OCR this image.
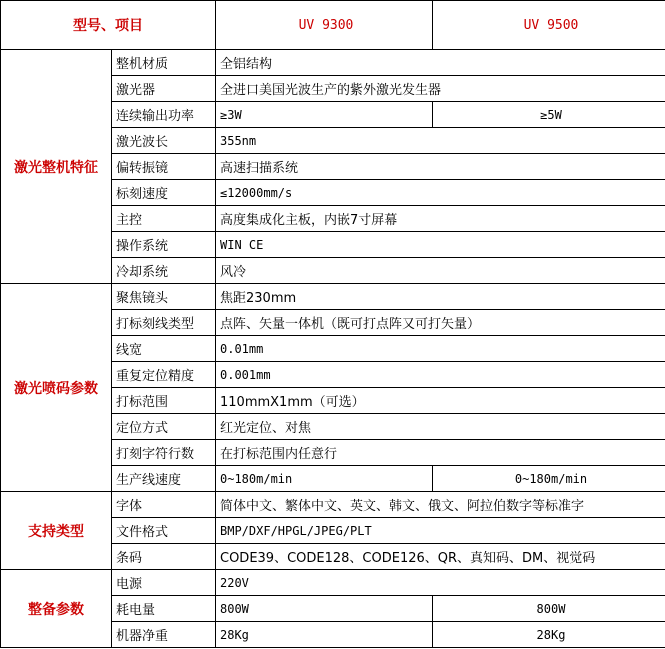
型号、项目		UV 9300	UV 9500
激光整机特征	整机材质	全铝结构	
	激光器	全进口美国光波生产的紫外激光发生器	
	连续输出功率	≥3W	≥5W
	激光波长	355nm	
	偏转振镜	高速扫描系统	
	标刻速度	≤12000mm/s	
	主控	高度集成化主板，内嵌7寸屏幕	
	操作系统	WIN CE	
	冷却系统	风冷	
激光喷码参数	聚焦镜头	焦距230mm	
	打标刻线类型	点阵、矢量一体机（既可打点阵又可打矢量）	
	线宽	0.01mm	
	重复定位精度	0.001mm	
	打标范围	110mmX1mm（可选）	
	定位方式	红光定位、对焦	
	打刻字符行数	在打标范围内任意行	
	生产线速度	0~180m/min	0~180m/min
支持类型	字体	简体中文、繁体中文、英文、韩文、俄文、阿拉伯数字等标准字	
	文件格式	BMP/DXF/HPGL/JPEG/PLT	
	条码	CODE39、CODE128、CODE126、QR、真知码、DM、视觉码	
整备参数	电源	220V	
	耗电量	800W	800W
	机器净重	28Kg	28Kg
